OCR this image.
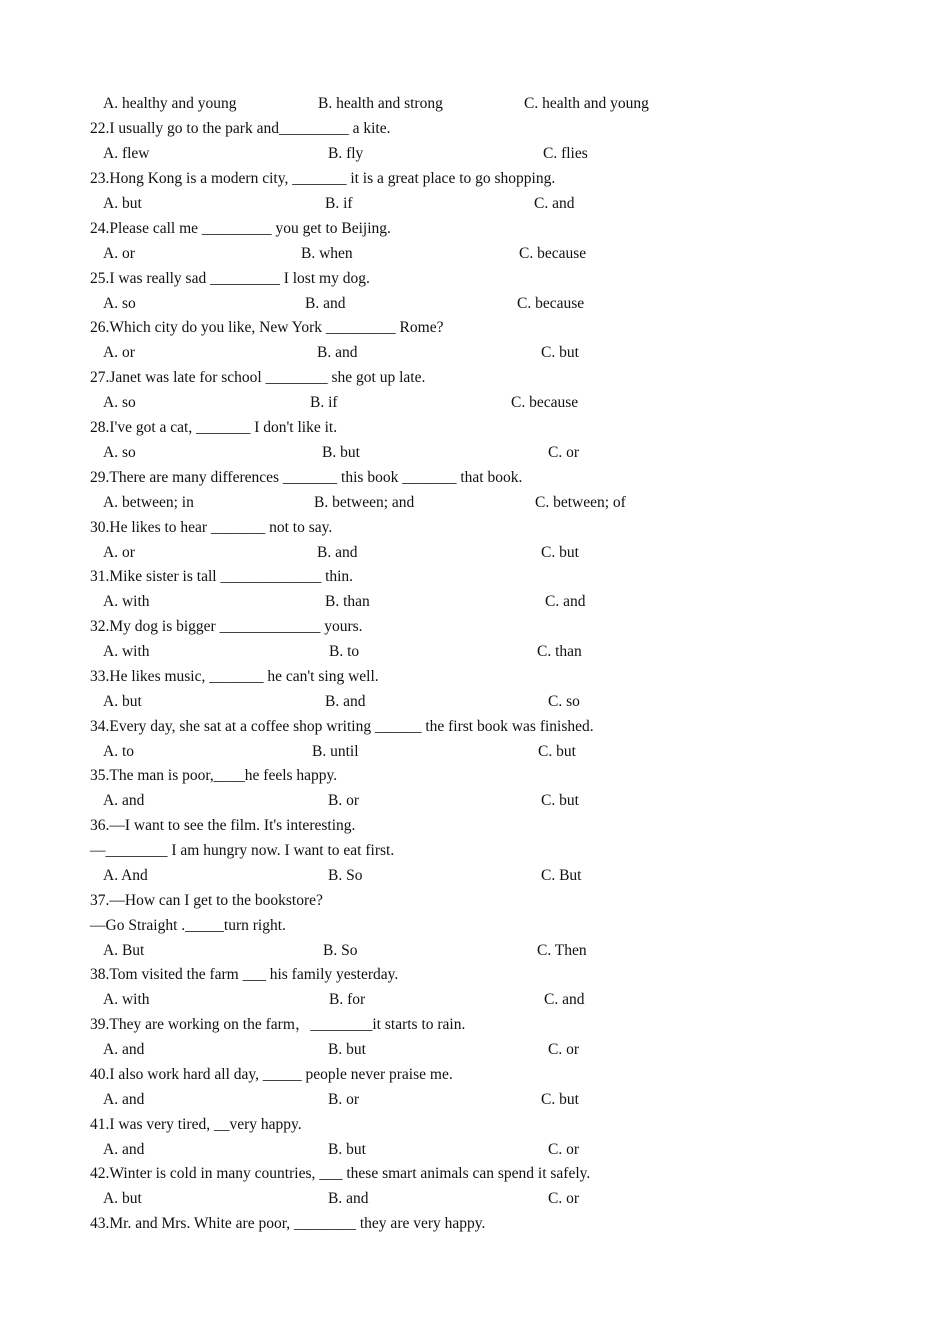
A. healthy and young	B. health and strong	C. health and young
22.I usually go to the park and_________ a kite.
A. flew	B. fly	C. flies
23.Hong Kong is a modern city, _______ it is a great place to go shopping.
A. but	B. if	C. and
24.Please call me _________ you get to Beijing.
A. or	B. when	C. because
25.I was really sad _________ I lost my dog.
A. so	B. and	C. because
26.Which city do you like, New York _________ Rome?
A. or	B. and	C. but
27.Janet was late for school ________ she got up late.
A. so	B. if	C. because
28.I've got a cat, _______ I don't like it.
A. so	B. but	C. or
29.There are many differences _______ this book _______ that book.
A. between; in	B. between; and	C. between; of
30.He likes to hear _______ not to say.
A. or	B. and	C. but
31.Mike sister is tall _____________ thin.
A. with	B. than	C. and
32.My dog is bigger _____________ yours.
A. with	B. to	C. than
33.He likes music, _______ he can't sing well.
A. but	B. and	C. so
34.Every day, she sat at a coffee shop writing ______ the first book was finished.
A. to	B. until	C. but
35.The man is poor,____he feels happy.
A. and	B. or	C. but
36.—I want to see the film. It's interesting.
—________ I am hungry now. I want to eat first.
A. And	B. So	C. But
37.—How can I get to the bookstore?
—Go Straight ._____turn right.
A. But	B. So	C. Then
38.Tom visited the farm ___ his family yesterday.
A. with	B. for	C. and
39.They are working on the farm，________it starts to rain.
A. and	B. but	C. or
40.I also work hard all day, _____ people never praise me.
A. and	B. or	C. but
41.I was very tired, __very happy.
A. and	B. but	C. or
42.Winter is cold in many countries, ___ these smart animals can spend it safely.
A. but	B. and	C. or
43.Mr. and Mrs. White are poor, ________ they are very happy.
